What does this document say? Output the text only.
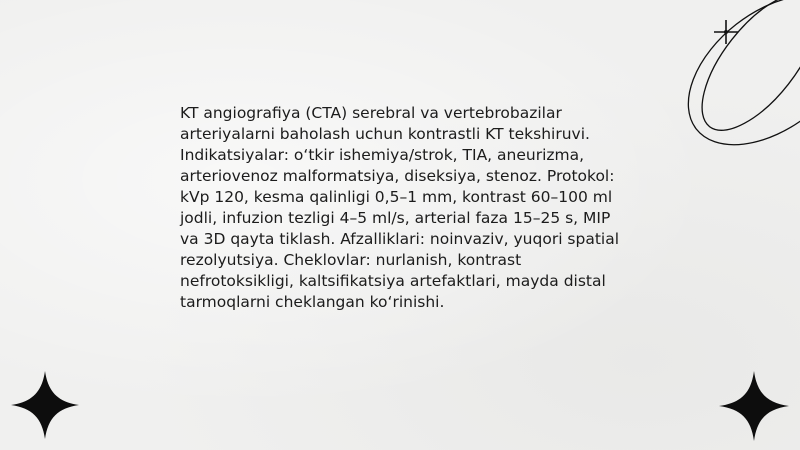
KT angiografiya (CTA) serebral va vertebrobazilar arteriyalarni baholash uchun kontrastli KT tekshiruvi. Indikatsiyalar: o‘tkir ishemiya/strok, TIA, aneurizma, arteriovenoz malformatsiya, diseksiya, stenoz. Protokol: kVp 120, kesma qalinligi 0,5–1 mm, kontrast 60–100 ml jodli, infuzion tezligi 4–5 ml/s, arterial faza 15–25 s, MIP va 3D qayta tiklash. Afzalliklari: noinvaziv, yuqori spatial rezolyutsiya. Cheklovlar: nurlanish, kontrast nefrotoksikligi, kaltsifikatsiya artefaktlari, mayda distal tarmoqlarni cheklangan ko‘rinishi.
